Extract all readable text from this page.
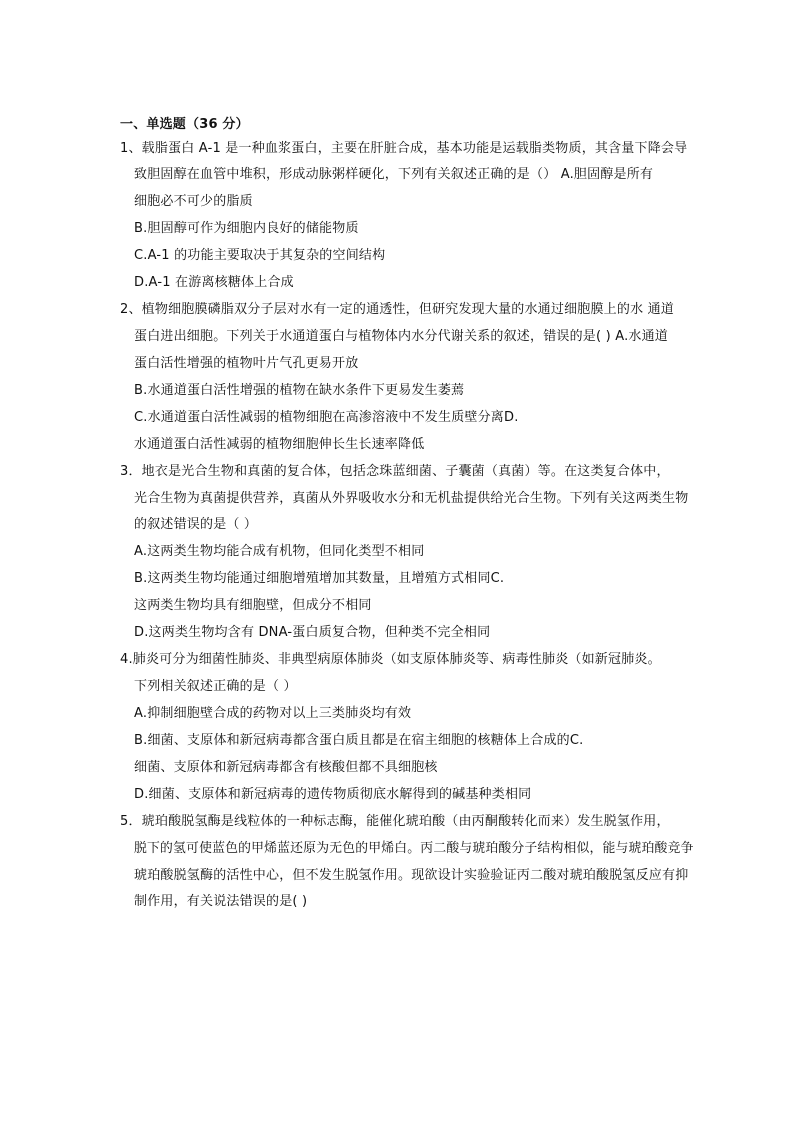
一、单选题（36 分）
1、载脂蛋白 A-1 是一种血浆蛋白，主要在肝脏合成，基本功能是运载脂类物质，其含量下降会导
致胆固醇在血管中堆积，形成动脉粥样硬化，下列有关叙述正确的是（） A.胆固醇是所有
细胞必不可少的脂质
B.胆固醇可作为细胞内良好的储能物质
C.A-1 的功能主要取决于其复杂的空间结构
D.A-1 在游离核糖体上合成
2、植物细胞膜磷脂双分子层对水有一定的通透性，但研究发现大量的水通过细胞膜上的水 通道
蛋白进出细胞。下列关于水通道蛋白与植物体内水分代谢关系的叙述，错误的是( ) A.水通道
蛋白活性增强的植物叶片气孔更易开放
B.水通道蛋白活性增强的植物在缺水条件下更易发生萎蔫
C.水通道蛋白活性减弱的植物细胞在高渗溶液中不发生质壁分离D.
水通道蛋白活性减弱的植物细胞伸长生长速率降低
3．地衣是光合生物和真菌的复合体，包括念珠蓝细菌、子囊菌（真菌）等。在这类复合体中，
光合生物为真菌提供营养，真菌从外界吸收水分和无机盐提供给光合生物。下列有关这两类生物
的叙述错误的是（ ）
A.这两类生物均能合成有机物，但同化类型不相同
B.这两类生物均能通过细胞增殖增加其数量，且增殖方式相同C.
这两类生物均具有细胞壁，但成分不相同
D.这两类生物均含有 DNA-蛋白质复合物，但种类不完全相同
4.肺炎可分为细菌性肺炎、非典型病原体肺炎（如支原体肺炎等、病毒性肺炎（如新冠肺炎。
下列相关叙述正确的是（ ）
A.抑制细胞壁合成的药物对以上三类肺炎均有效
B.细菌、支原体和新冠病毒都含蛋白质且都是在宿主细胞的核糖体上合成的C.
细菌、支原体和新冠病毒都含有核酸但都不具细胞核
D.细菌、支原体和新冠病毒的遗传物质彻底水解得到的碱基种类相同
5．琥珀酸脱氢酶是线粒体的一种标志酶，能催化琥珀酸（由丙酮酸转化而来）发生脱氢作用，
脱下的氢可使蓝色的甲烯蓝还原为无色的甲烯白。丙二酸与琥珀酸分子结构相似，能与琥珀酸竞争
琥珀酸脱氢酶的活性中心，但不发生脱氢作用。现欲设计实验验证丙二酸对琥珀酸脱氢反应有抑
制作用，有关说法错误的是( )
